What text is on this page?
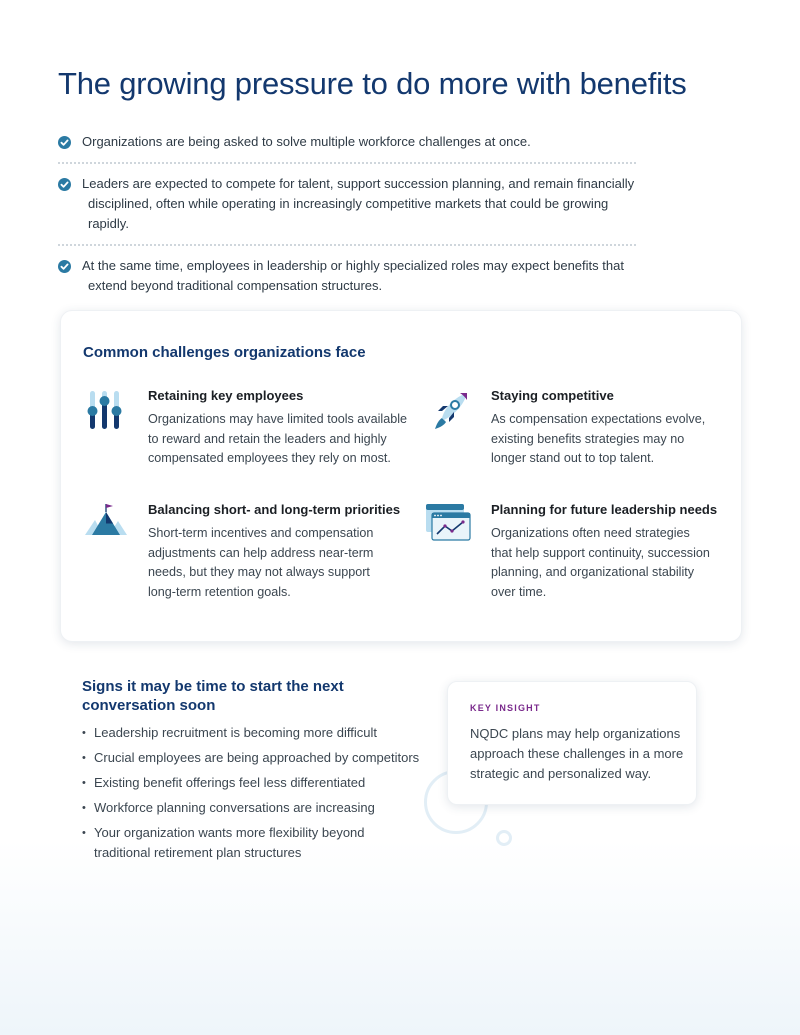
The growing pressure to do more with benefits
Organizations are being asked to solve multiple workforce challenges at once.
Leaders are expected to compete for talent, support succession planning, and remain financially
disciplined, often while operating in increasingly competitive markets that could be growing rapidly.
At the same time, employees in leadership or highly specialized roles may expect benefits that
extend beyond traditional compensation structures.
Common challenges organizations face
Retaining key employees

Organizations may have limited tools available
to reward and retain the leaders and highly
compensated employees they rely on most.

Staying competitive

As compensation expectations evolve,
existing benefits strategies may no
longer stand out to top talent.

Balancing short- and long-term priorities

Short-term incentives and compensation
adjustments can help address near-term
needs, but they may not always support
long-term retention goals.

Planning for future leadership needs

Organizations often need strategies
that help support continuity, succession
planning, and organizational stability
over time.

Signs it may be time to start the next
conversation soon
• Leadership recruitment is becoming more difficult
• Crucial employees are being approached by competitors
• Existing benefit offerings feel less differentiated
• Workforce planning conversations are increasing
• Your organization wants more flexibility beyond
traditional retirement plan structures
KEY INSIGHT
NQDC plans may help organizations
approach these challenges in a more
strategic and personalized way.
